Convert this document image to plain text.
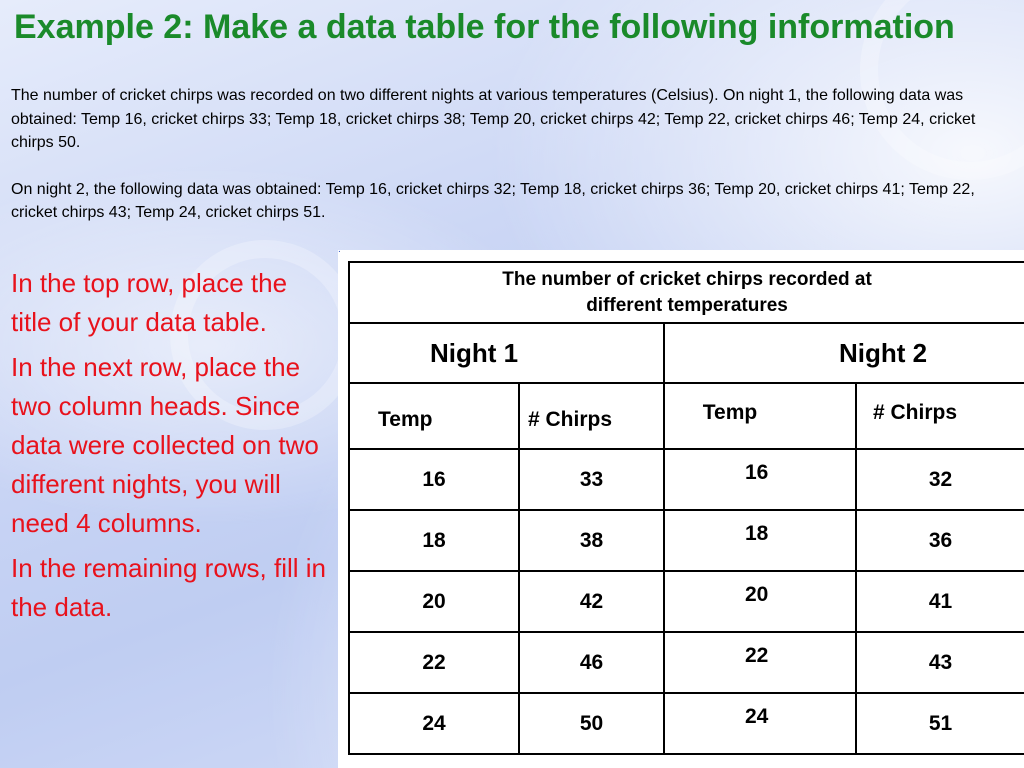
Example 2: Make a data table for the following information

The number of cricket chirps was recorded on two different nights at various temperatures (Celsius). On night 1, the following data was obtained: Temp 16, cricket chirps 33; Temp 18, cricket chirps 38; Temp 20, cricket chirps 42; Temp 22, cricket chirps 46; Temp 24, cricket chirps 50.

On night 2, the following data was obtained: Temp 16, cricket chirps 32; Temp 18, cricket chirps 36; Temp 20, cricket chirps 41; Temp 22, cricket chirps 43; Temp 24, cricket chirps 51.

In the top row, place the title of your data table.

In the next row, place the two column heads. Since data were collected on two different nights, you will need 4 columns.

In the remaining rows, fill in the data.

.
The number of cricket chirps recorded at
different temperatures			

Night 1		Night 2	
Temp	# Chirps	Temp	# Chirps
16	33	16	32
18	38	18	36
20	42	20	41
22	46	22	43
24	50	24	51
